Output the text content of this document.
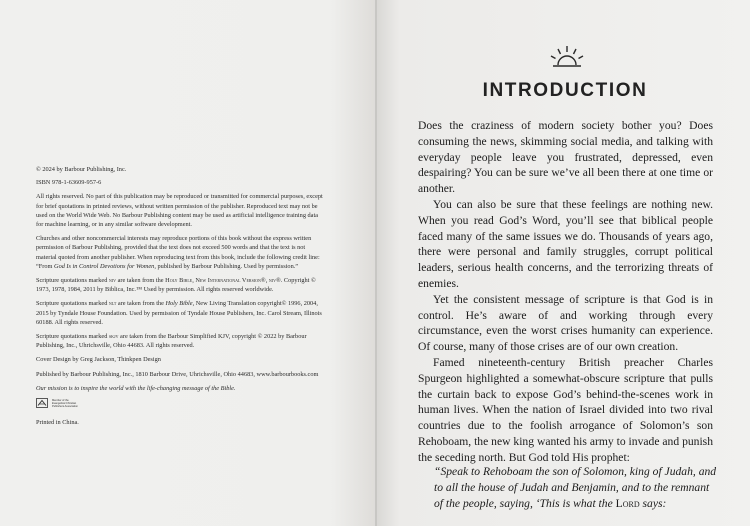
© 2024 by Barbour Publishing, Inc.

ISBN 978-1-63609-957-6

All rights reserved. No part of this publication may be reproduced or transmitted for commercial purposes, except for brief quotations in printed reviews, without written permission of the publisher. Reproduced text may not be used on the World Wide Web. No Barbour Publishing content may be used as artificial intelligence training data for machine learning, or in any similar software development.

Churches and other noncommercial interests may reproduce portions of this book without the express written permission of Barbour Publishing, provided that the text does not exceed 500 words and that the text is not material quoted from another publisher. When reproducing text from this book, include the following credit line: “From God Is in Control Devotions for Women, published by Barbour Publishing. Used by permission.”

Scripture quotations marked niv are taken from the Holy Bible, New International Version®, niv®. Copyright © 1973, 1978, 1984, 2011 by Biblica, Inc.™ Used by permission. All rights reserved worldwide.

Scripture quotations marked nlt are taken from the Holy Bible, New Living Translation copyright© 1996, 2004, 2015 by Tyndale House Foundation. Used by permission of Tyndale House Publishers, Inc. Carol Stream, Illinois 60188. All rights reserved.

Scripture quotations marked skjv are taken from the Barbour Simplified KJV, copyright © 2022 by Barbour Publishing, Inc., Uhrichsville, Ohio 44683. All rights reserved.

Cover Design by Greg Jackson, Thinkpen Design

Published by Barbour Publishing, Inc., 1810 Barbour Drive, Uhrichsville, Ohio 44683, www.barbourbooks.com

Our mission is to inspire the world with the life-changing message of the Bible.

Member of the Evangelical Christian Publishers Association

Printed in China.

INTRODUCTION

Does the craziness of modern society bother you? Does consuming the news, skimming social media, and talking with everyday people leave you frustrated, depressed, even despairing? You can be sure we’ve all been there at one time or another.

You can also be sure that these feelings are nothing new. When you read God’s Word, you’ll see that biblical people faced many of the same issues we do. Thousands of years ago, there were personal and family struggles, corrupt political leaders, serious health concerns, and the terrorizing threats of enemies.

Yet the consistent message of scripture is that God is in control. He’s aware of and working through every circumstance, even the worst crises humanity can experience. Of course, many of those crises are of our own creation.

Famed nineteenth-century British preacher Charles Spurgeon highlighted a somewhat-obscure scripture that pulls the curtain back to expose God’s behind-the-scenes work in human lives. When the nation of Israel divided into two rival countries due to the foolish arrogance of Solomon’s son Rehoboam, the new king wanted his army to invade and punish the seceding north. But God told His prophet:

“Speak to Rehoboam the son of Solomon, king of Judah, and to all the house of Judah and Benjamin, and to the remnant of the people, saying, ‘This is what the Lord says:
